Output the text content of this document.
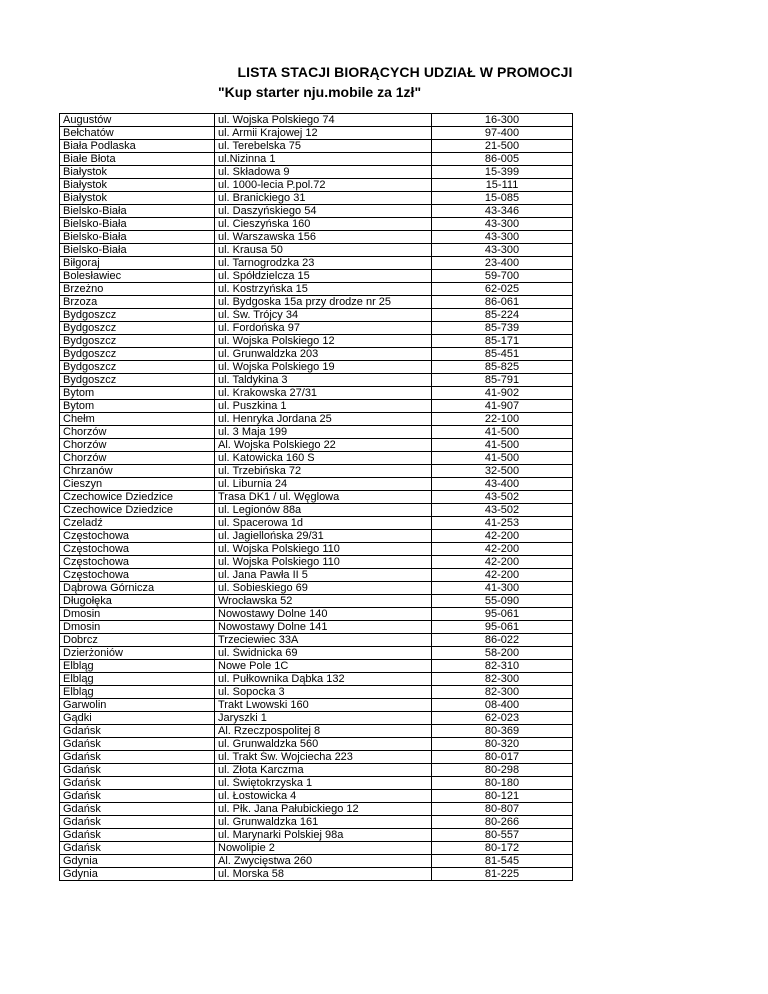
LISTA STACJI BIORĄCYCH UDZIAŁ W PROMOCJI
"Kup starter nju.mobile za 1zł"
Augustów	ul. Wojska Polskiego 74	16-300
Bełchatów	ul. Armii Krajowej 12	97-400
Biała Podlaska	ul. Terebelska 75	21-500
Białe Błota	ul.Nizinna 1	86-005
Białystok	ul. Składowa 9	15-399
Białystok	ul. 1000-lecia P.pol.72	15-111
Białystok	ul. Branickiego 31	15-085
Bielsko-Biała	ul. Daszyńskiego 54	43-346
Bielsko-Biała	ul. Cieszyńska 160	43-300
Bielsko-Biała	ul. Warszawska 156	43-300
Bielsko-Biała	ul. Krausa 50	43-300
Biłgoraj	ul. Tarnogrodzka 23	23-400
Bolesławiec	ul. Spółdzielcza 15	59-700
Brzeżno	ul. Kostrzyńska 15	62-025
Brzoza	ul. Bydgoska 15a przy drodze nr 25	86-061
Bydgoszcz	ul. Św. Trójcy 34	85-224
Bydgoszcz	ul. Fordońska 97	85-739
Bydgoszcz	ul. Wojska Polskiego 12	85-171
Bydgoszcz	ul. Grunwaldzka 203	85-451
Bydgoszcz	ul. Wojska Polskiego 19	85-825
Bydgoszcz	ul. Taldykina 3	85-791
Bytom	ul. Krakowska 27/31	41-902
Bytom	ul. Puszkina 1	41-907
Chełm	ul. Henryka Jordana 25	22-100
Chorzów	ul. 3 Maja 199	41-500
Chorzów	Al. Wojska Polskiego 22	41-500
Chorzów	ul. Katowicka 160 S	41-500
Chrzanów	ul. Trzebińska 72	32-500
Cieszyn	ul. Liburnia 24	43-400
Czechowice Dziedzice	Trasa DK1 / ul. Węglowa	43-502
Czechowice Dziedzice	ul. Legionów 88a	43-502
Czeladź	ul. Spacerowa 1d	41-253
Częstochowa	ul. Jagiellońska 29/31	42-200
Częstochowa	ul. Wojska Polskiego 110	42-200
Częstochowa	ul. Wojska Polskiego 110	42-200
Częstochowa	ul. Jana Pawła II 5	42-200
Dąbrowa Górnicza	ul. Sobieskiego 69	41-300
Długołęka	Wrocławska 52	55-090
Dmosin	Nowostawy Dolne 140	95-061
Dmosin	Nowostawy Dolne 141	95-061
Dobrcz	Trzeciewiec 33A	86-022
Dzierżoniów	ul. Świdnicka 69	58-200
Elbląg	Nowe Pole 1C	82-310
Elbląg	ul. Pułkownika Dąbka 132	82-300
Elbląg	ul. Sopocka 3	82-300
Garwolin	Trakt Lwowski 160	08-400
Gądki	Jaryszki 1	62-023
Gdańsk	Al. Rzeczpospolitej 8	80-369
Gdańsk	ul. Grunwaldzka 560	80-320
Gdańsk	ul. Trakt Św. Wojciecha 223	80-017
Gdańsk	ul. Złota Karczma	80-298
Gdańsk	ul. Świętokrzyska 1	80-180
Gdańsk	ul. Łostowicka 4	80-121
Gdańsk	ul. Płk. Jana Pałubickiego 12	80-807
Gdańsk	ul. Grunwaldzka 161	80-266
Gdańsk	ul. Marynarki Polskiej 98a	80-557
Gdańsk	Nowolipie 2	80-172
Gdynia	Al. Zwycięstwa 260	81-545
Gdynia	ul. Morska 58	81-225
